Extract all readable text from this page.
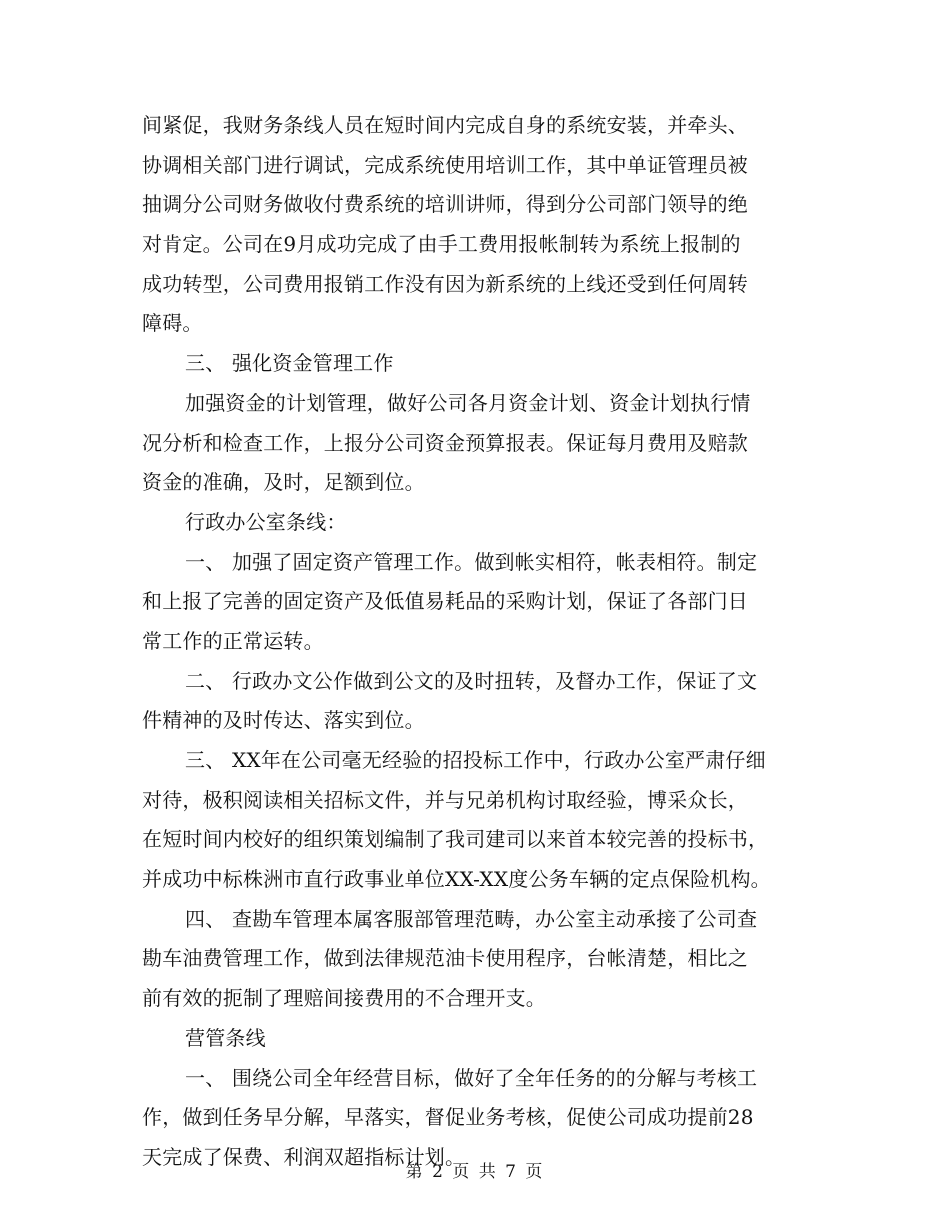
间紧促，我财务条线人员在短时间内完成自身的系统安装，并牵头、
协调相关部门进行调试，完成系统使用培训工作，其中单证管理员被
抽调分公司财务做收付费系统的培训讲师，得到分公司部门领导的绝
对肯定。公司在9月成功完成了由手工费用报帐制转为系统上报制的
成功转型，公司费用报销工作没有因为新系统的上线还受到任何周转
障碍。
三、 强化资金管理工作
加强资金的计划管理，做好公司各月资金计划、资金计划执行情
况分析和检查工作，上报分公司资金预算报表。保证每月费用及赔款
资金的准确，及时，足额到位。
行政办公室条线：
一、 加强了固定资产管理工作。做到帐实相符，帐表相符。制定
和上报了完善的固定资产及低值易耗品的采购计划，保证了各部门日
常工作的正常运转。
二、 行政办文公作做到公文的及时扭转，及督办工作，保证了文
件精神的及时传达、落实到位。
三、 XX年在公司毫无经验的招投标工作中，行政办公室严肃仔细
对待，极积阅读相关招标文件，并与兄弟机构讨取经验，博采众长，
在短时间内校好的组织策划编制了我司建司以来首本较完善的投标书，
并成功中标株洲市直行政事业单位XX-XX度公务车辆的定点保险机构。
四、 查勘车管理本属客服部管理范畴，办公室主动承接了公司查
勘车油费管理工作，做到法律规范油卡使用程序，台帐清楚，相比之
前有效的扼制了理赔间接费用的不合理开支。
营管条线
一、 围绕公司全年经营目标，做好了全年任务的的分解与考核工
作，做到任务早分解，早落实，督促业务考核，促使公司成功提前28
天完成了保费、利润双超指标计划。
第 2 页 共 7 页
